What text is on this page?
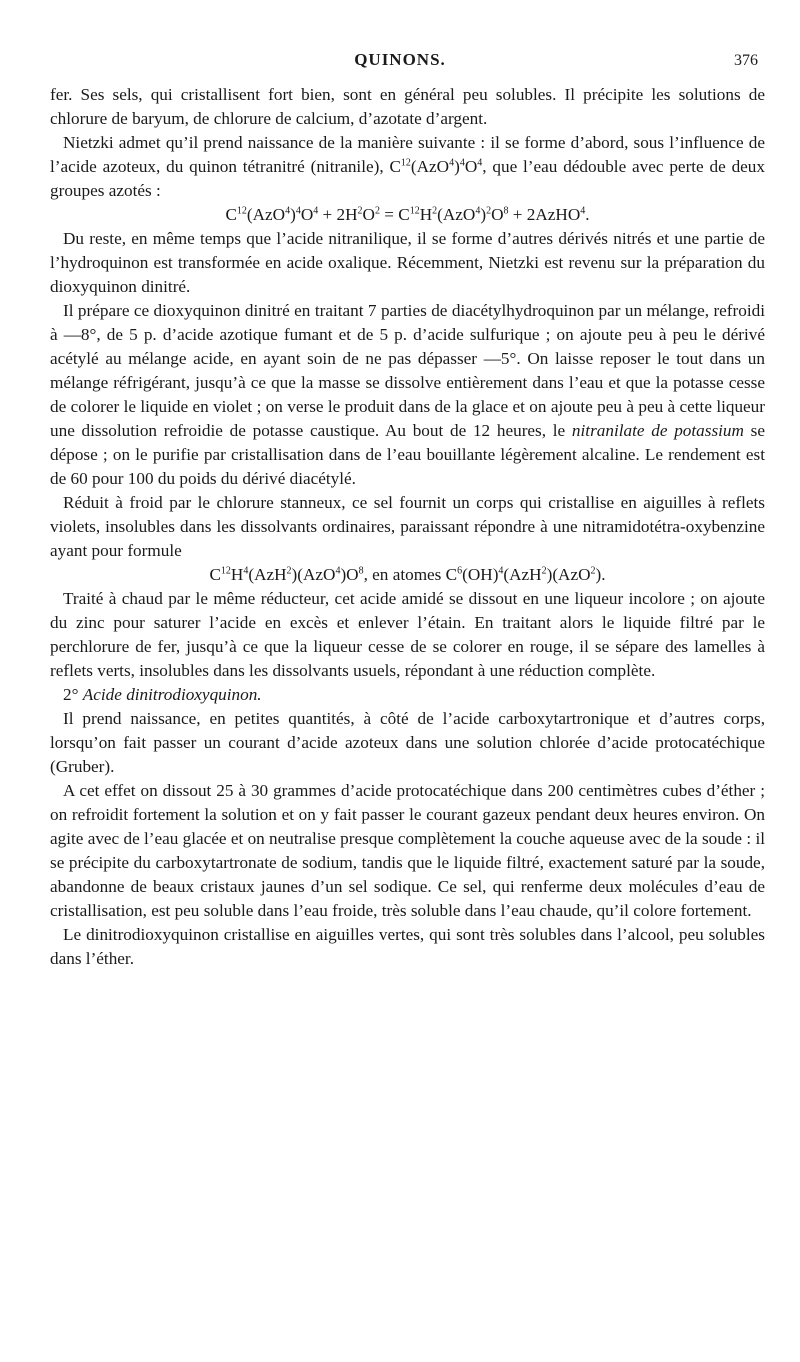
QUINONS.	376

fer. Ses sels, qui cristallisent fort bien, sont en général peu solubles. Il précipite les solutions de chlorure de baryum, de chlorure de calcium, d’azotate d’argent.

Nietzki admet qu’il prend naissance de la manière suivante : il se forme d’abord, sous l’influence de l’acide azoteux, du quinon tétranitré (nitranile), $C^{12}(AzO^4)^4O^4$, que l’eau dédouble avec perte de deux groupes azotés :

$C^{12}(AzO^4)^4O^4 + 2H^2O^2 = C^{12}H^2(AzO^4)^2O^8$ + 2AzHO$^4$.

Du reste, en même temps que l’acide nitranilique, il se forme d’autres dérivés nitrés et une partie de l’hydroquinon est transformée en acide oxalique. Récemment, Nietzki est revenu sur la préparation du dioxyquinon dinitré.

Il prépare ce dioxyquinon dinitré en traitant 7 parties de diacétylhydroquinon par un mélange, refroidi à —8°, de 5 p. d’acide azotique fumant et de 5 p. d’acide sulfurique ; on ajoute peu à peu le dérivé acétylé au mélange acide, en ayant soin de ne pas dépasser —5°. On laisse reposer le tout dans un mélange réfrigérant, jusqu’à ce que la masse se dissolve entièrement dans l’eau et que la potasse cesse de colorer le liquide en violet ; on verse le produit dans de la glace et on ajoute peu à peu à cette liqueur une dissolution refroidie de potasse caustique. Au bout de 12 heures, le nitranilate de potassium se dépose ; on le purifie par cristallisation dans de l’eau bouillante légèrement alcaline. Le rendement est de 60 pour 100 du poids du dérivé diacétylé.

Réduit à froid par le chlorure stanneux, ce sel fournit un corps qui cristallise en aiguilles à reflets violets, insolubles dans les dissolvants ordinaires, paraissant répondre à une nitramidotétra-oxybenzine ayant pour formule

$C^{12}H^4(AzH^2)(AzO^4)O^8$, en atomes $C^6(OH)^4(AzH^2)(AzO^2)$.

Traité à chaud par le même réducteur, cet acide amidé se dissout en une liqueur incolore ; on ajoute du zinc pour saturer l’acide en excès et enlever l’étain. En traitant alors le liquide filtré par le perchlorure de fer, jusqu’à ce que la liqueur cesse de se colorer en rouge, il se sépare des lamelles à reflets verts, insolubles dans les dissolvants usuels, répondant à une réduction complète.

2° Acide dinitrodioxyquinon.

Il prend naissance, en petites quantités, à côté de l’acide carboxytartronique et d’autres corps, lorsqu’on fait passer un courant d’acide azoteux dans une solution chlorée d’acide protocatéchique (Gruber).

A cet effet on dissout 25 à 30 grammes d’acide protocatéchique dans 200 centimètres cubes d’éther ; on refroidit fortement la solution et on y fait passer le courant gazeux pendant deux heures environ. On agite avec de l’eau glacée et on neutralise presque complètement la couche aqueuse avec de la soude : il se précipite du carboxytartronate de sodium, tandis que le liquide filtré, exactement saturé par la soude, abandonne de beaux cristaux jaunes d’un sel sodique. Ce sel, qui renferme deux molécules d’eau de cristallisation, est peu soluble dans l’eau froide, très soluble dans l’eau chaude, qu’il colore fortement.

Le dinitrodioxyquinon cristallise en aiguilles vertes, qui sont très solubles dans l’alcool, peu solubles dans l’éther.
